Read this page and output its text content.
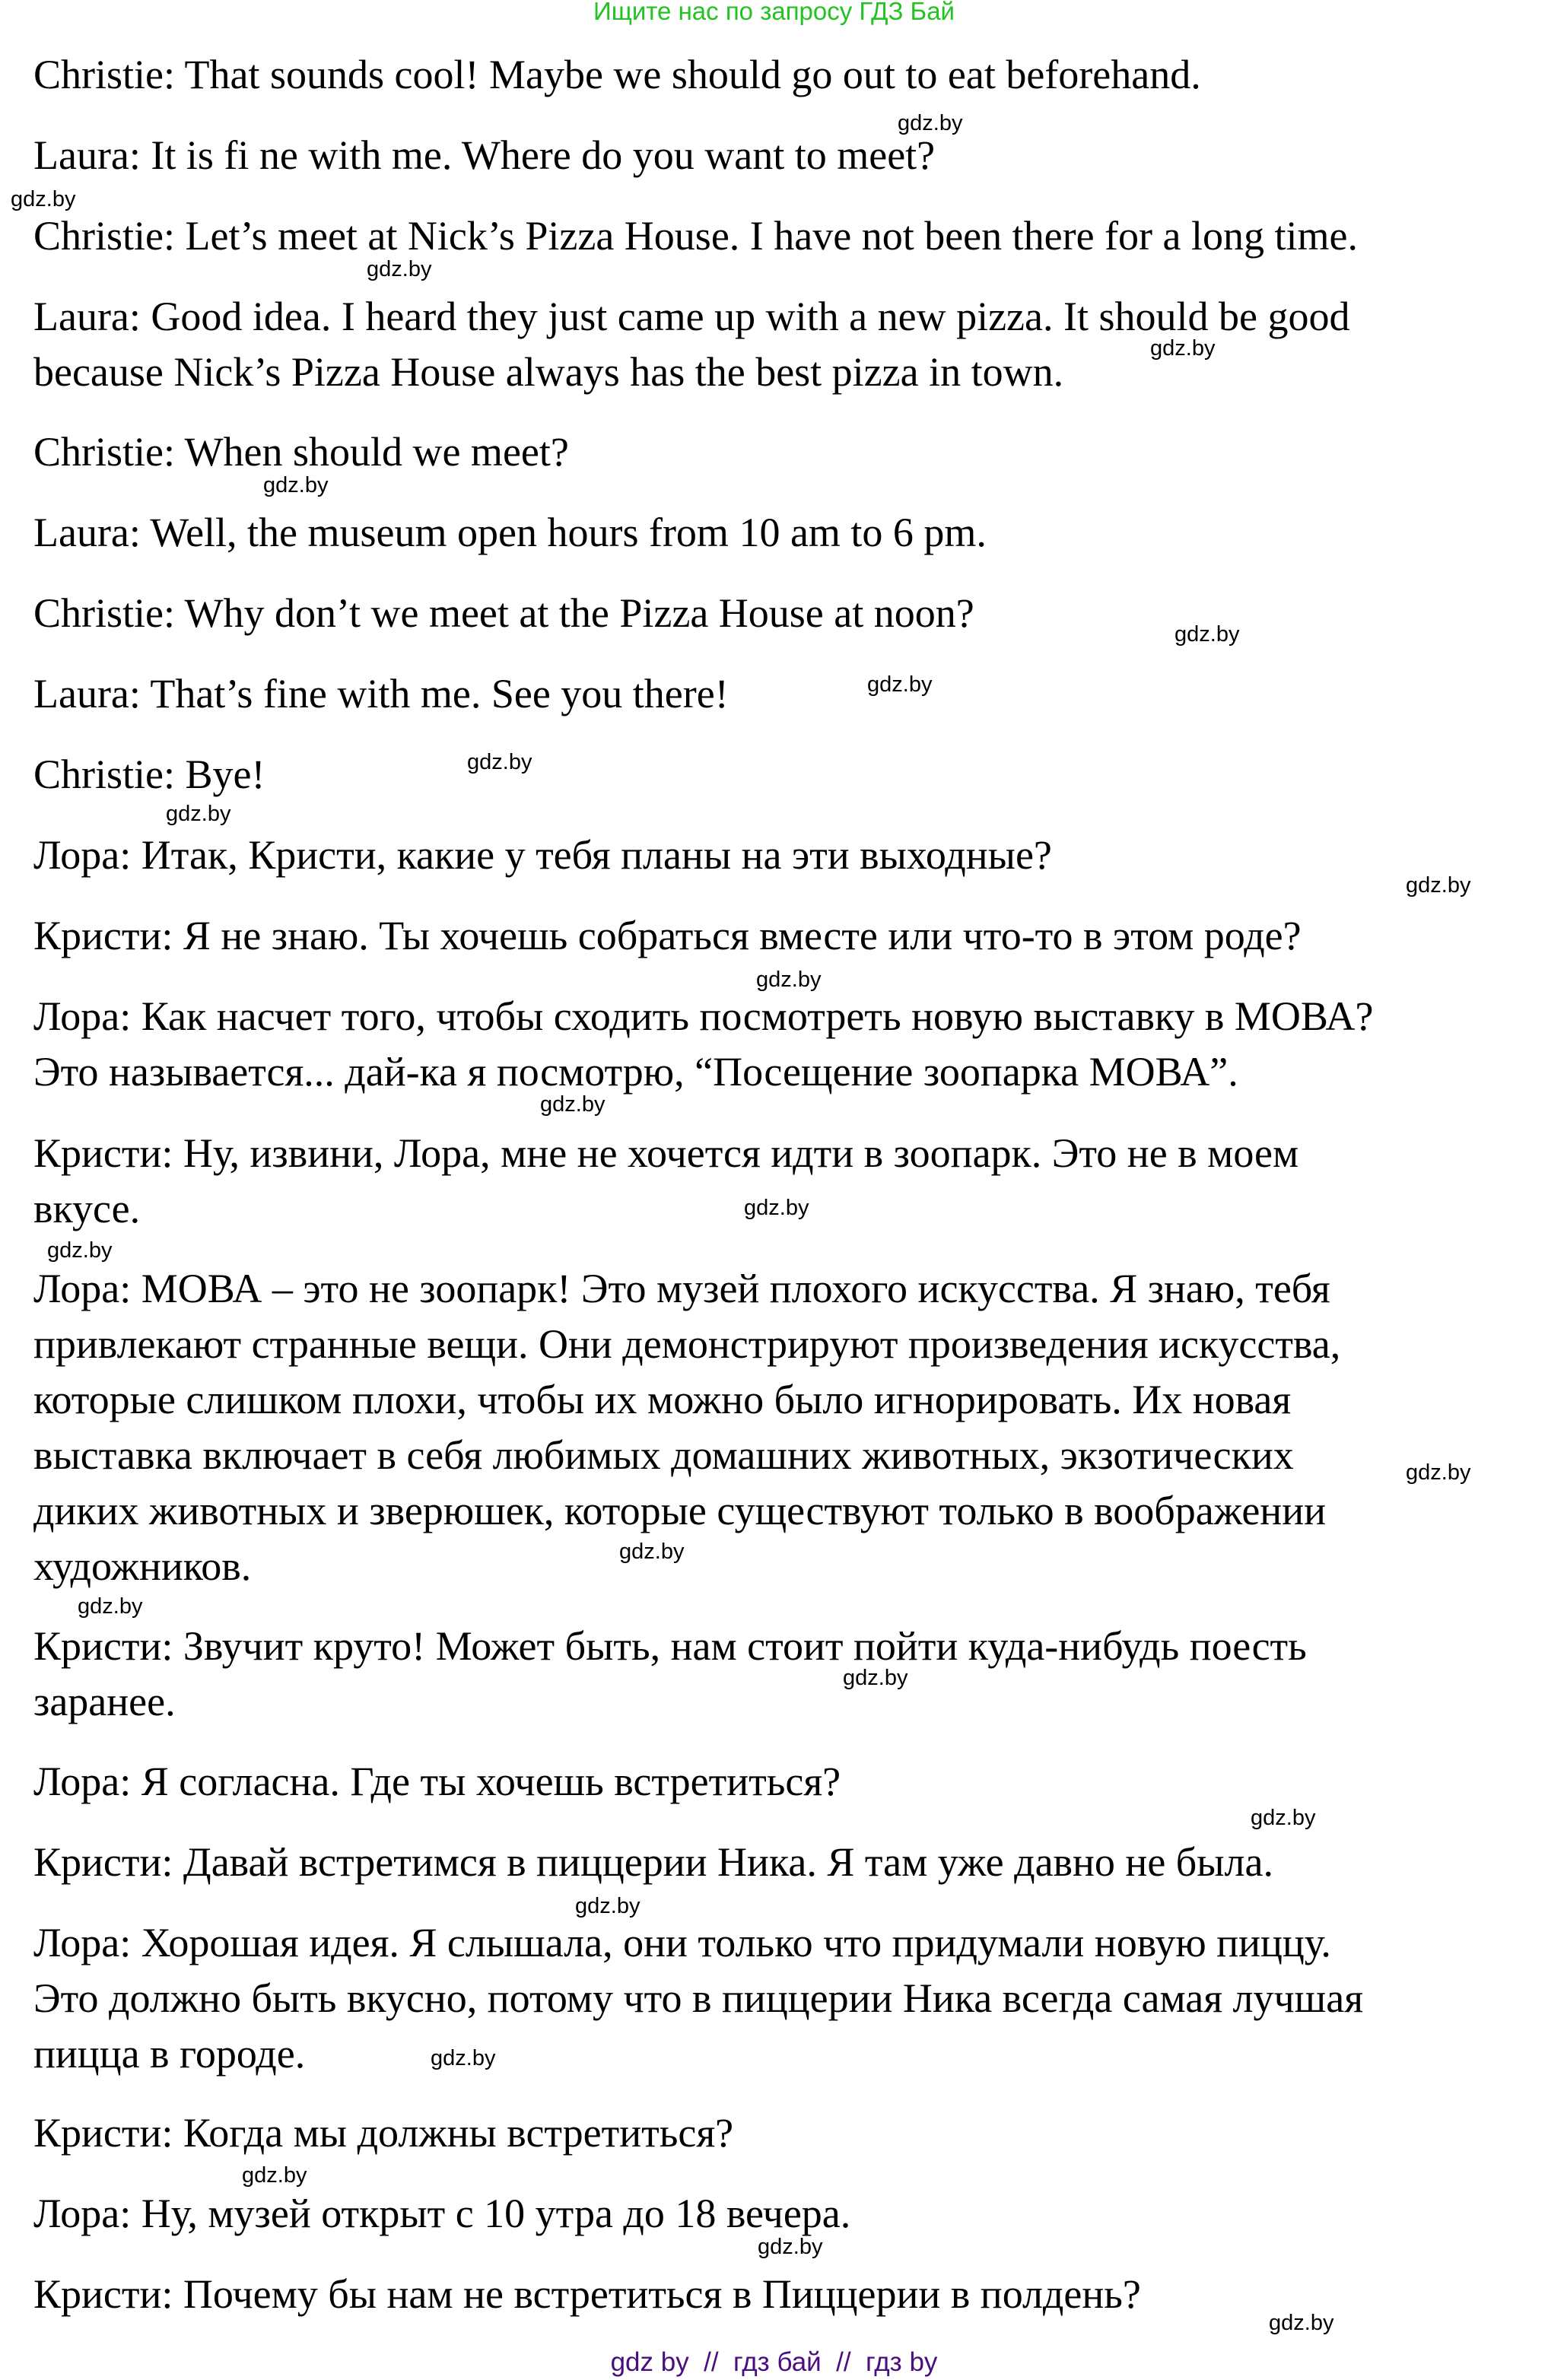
Ищите нас по запросу ГДЗ Бай
Christie: That sounds cool! Maybe we should go out to eat beforehand.
Laura: It is fi ne with me. Where do you want to meet?
Christie: Let’s meet at Nick’s Pizza House. I have not been there for a long time.
Laura: Good idea. I heard they just came up with a new pizza. It should be good
because Nick’s Pizza House always has the best pizza in town.
Christie: When should we meet?
Laura: Well, the museum open hours from 10 am to 6 pm.
Christie: Why don’t we meet at the Pizza House at noon?
Laura: That’s fine with me. See you there!
Christie: Bye!
Лора: Итак, Кристи, какие у тебя планы на эти выходные?
Кристи: Я не знаю. Ты хочешь собраться вместе или что-то в этом роде?
Лора: Как насчет того, чтобы сходить посмотреть новую выставку в МОВА?
Это называется... дай-ка я посмотрю, “Посещение зоопарка МОВА”.
Кристи: Ну, извини, Лора, мне не хочется идти в зоопарк. Это не в моем
вкусе.
Лора: МОВА – это не зоопарк! Это музей плохого искусства. Я знаю, тебя
привлекают странные вещи. Они демонстрируют произведения искусства,
которые слишком плохи, чтобы их можно было игнорировать. Их новая
выставка включает в себя любимых домашних животных, экзотических
диких животных и зверюшек, которые существуют только в воображении
художников.
Кристи: Звучит круто! Может быть, нам стоит пойти куда-нибудь поесть
заранее.
Лора: Я согласна. Где ты хочешь встретиться?
Кристи: Давай встретимся в пиццерии Ника. Я там уже давно не была.
Лора: Хорошая идея. Я слышала, они только что придумали новую пиццу.
Это должно быть вкусно, потому что в пиццерии Ника всегда самая лучшая
пицца в городе.
Кристи: Когда мы должны встретиться?
Лора: Ну, музей открыт с 10 утра до 18 вечера.
Кристи: Почему бы нам не встретиться в Пиццерии в полдень?
gdz.by
gdz.by
gdz.by
gdz.by
gdz.by
gdz.by
gdz.by
gdz.by
gdz.by
gdz.by
gdz.by
gdz.by
gdz.by
gdz.by
gdz.by
gdz.by
gdz.by
gdz.by
gdz.by
gdz.by
gdz.by
gdz.by
gdz.by
gdz.by
gdz by  //  гдз бай  //  гдз by
